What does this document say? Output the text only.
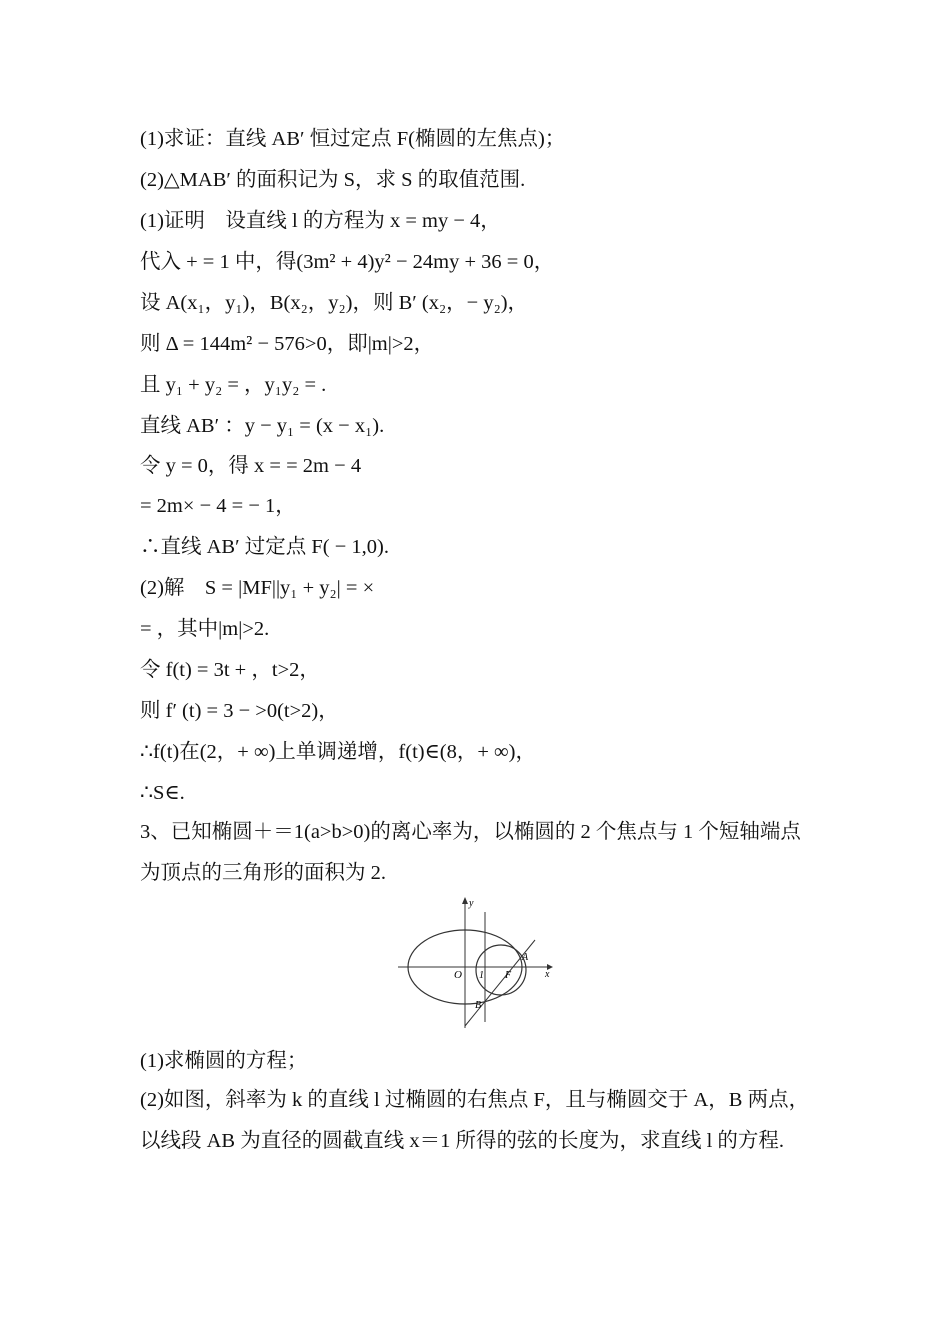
(1)求证：直线 AB′ 恒过定点 F(椭圆的左焦点)；
(2)△MAB′ 的面积记为 S，求 S 的取值范围.
(1)证明　设直线 l 的方程为 x = my − 4，
代入 + = 1 中，得(3m² + 4)y² − 24my + 36 = 0，
设 A(x₁，y₁)，B(x₂，y₂)，则 B′ (x₂，− y₂)，
则 Δ = 144m² − 576>0，即|m|>2，
且 y₁ + y₂ = ，y₁y₂ = .
直线 AB′ ：y − y₁ = (x − x₁).
令 y = 0，得 x = = 2m − 4
= 2m× − 4 = − 1，
∴直线 AB′ 过定点 F( − 1,0).
(2)解　S = |MF||y₁ + y₂| = ×
= ，其中|m|>2.
令 f(t) = 3t + ，t>2，
则 f′ (t) = 3 − >0(t>2)，
∴f(t)在(2，+ ∞)上单调递增，f(t)∈(8，+ ∞)，
∴S∈.
3、已知椭圆＋＝1(a>b>0)的离心率为，以椭圆的 2 个焦点与 1 个短轴端点为顶点的三角形的面积为 2.
y
x
O 1 F
A
B
(1)求椭圆的方程；
(2)如图，斜率为 k 的直线 l 过椭圆的右焦点 F，且与椭圆交于 A，B 两点，以线段 AB 为直径的圆截直线 x＝1 所得的弦的长度为，求直线 l 的方程.
